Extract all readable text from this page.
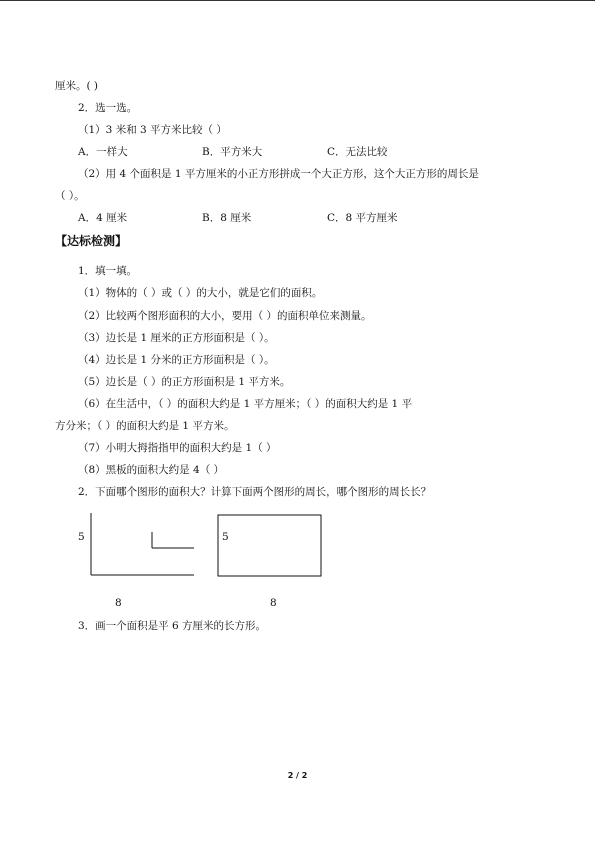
厘米。( )
2．选一选。
（1）3 米和 3 平方米比较（ ）
A．一样大	B．平方米大	C．无法比较
（2）用 4 个面积是 1 平方厘米的小正方形拼成一个大正方形，这个大正方形的周长是
（ ）。
A．4 厘米	B．8 厘米	C．8 平方厘米
【达标检测】
1．填一填。
（1）物体的（ ）或（ ）的大小，就是它们的面积。
（2）比较两个图形面积的大小，要用（ ）的面积单位来测量。
（3）边长是 1 厘米的正方形面积是（ ）。
（4）边长是 1 分米的正方形面积是（ ）。
（5）边长是（ ）的正方形面积是 1 平方米。
（6）在生活中，（ ）的面积大约是 1 平方厘米；（ ）的面积大约是 1 平
方分米；（ ）的面积大约是 1 平方米。
（7）小明大拇指指甲的面积大约是 1（ ）
（8）黑板的面积大约是 4（ ）
2．下面哪个图形的面积大？计算下面两个图形的周长，哪个图形的周长长？
5	5
8	8
3．画一个面积是平 6 方厘米的长方形。
2 / 2
